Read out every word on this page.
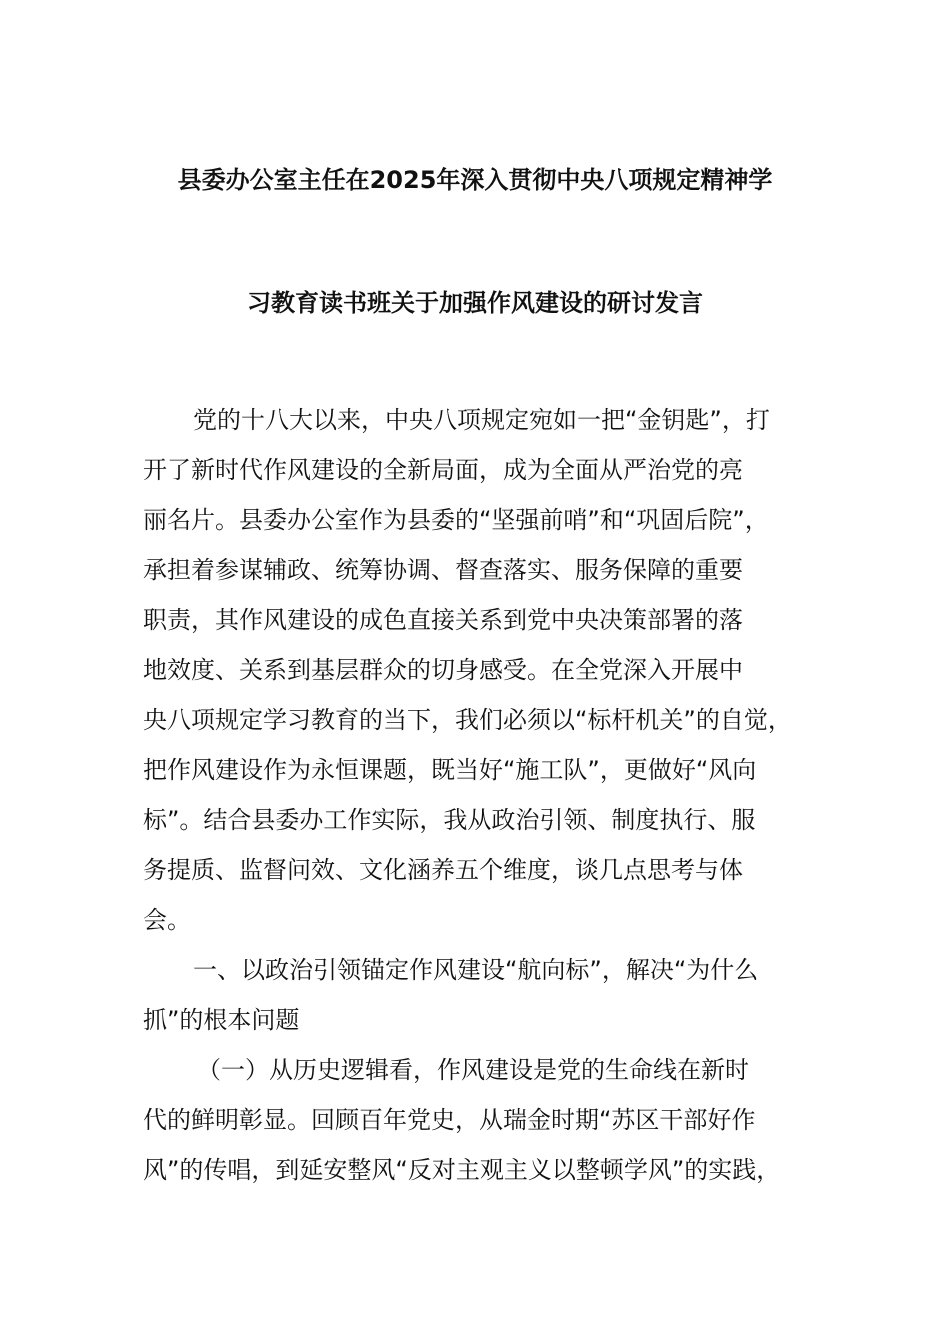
县委办公室主任在2025年深入贯彻中央八项规定精神学
习教育读书班关于加强作风建设的研讨发言
党的十八大以来，中央八项规定宛如一把“金钥匙”，打
开了新时代作风建设的全新局面，成为全面从严治党的亮
丽名片。县委办公室作为县委的“坚强前哨”和“巩固后院”，
承担着参谋辅政、统筹协调、督查落实、服务保障的重要
职责，其作风建设的成色直接关系到党中央决策部署的落
地效度、关系到基层群众的切身感受。在全党深入开展中
央八项规定学习教育的当下，我们必须以“标杆机关”的自觉，
把作风建设作为永恒课题，既当好“施工队”，更做好“风向
标”。结合县委办工作实际，我从政治引领、制度执行、服
务提质、监督问效、文化涵养五个维度，谈几点思考与体
会。
一、以政治引领锚定作风建设“航向标”，解决“为什么
抓”的根本问题
（一）从历史逻辑看，作风建设是党的生命线在新时
代的鲜明彰显。回顾百年党史，从瑞金时期“苏区干部好作
风”的传唱，到延安整风“反对主观主义以整顿学风”的实践，
